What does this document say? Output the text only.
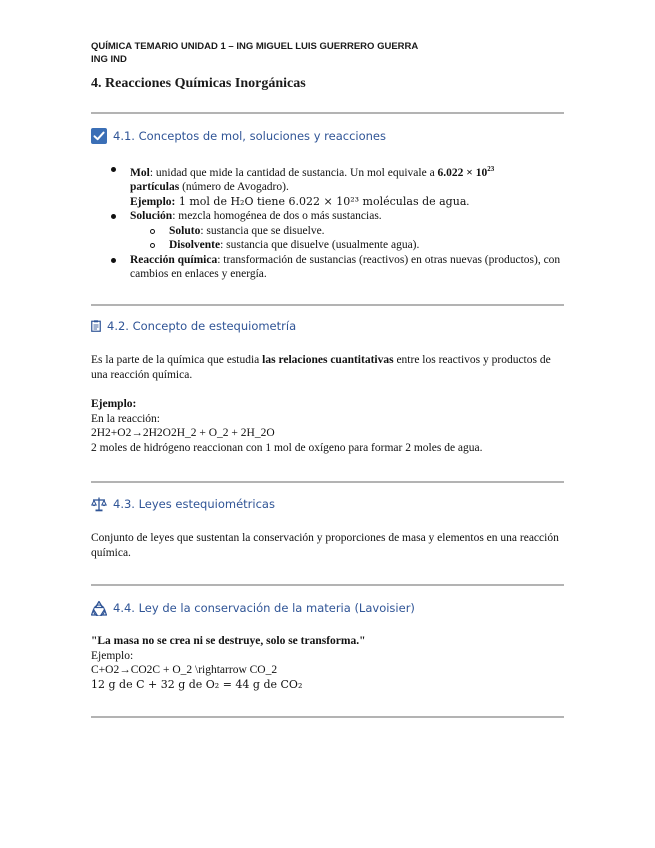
QUÍMICA TEMARIO UNIDAD 1 – ING MIGUEL LUIS GUERRERO GUERRA
ING IND
4. Reacciones Químicas Inorgánicas
4.1. Conceptos de mol, soluciones y reacciones
Mol: unidad que mide la cantidad de sustancia. Un mol equivale a $6.022 \times 10^{23}$
partículas (número de Avogadro).
Ejemplo: 1 mol de H₂O tiene 6.022 × 10²³ moléculas de agua.
Solución: mezcla homogénea de dos o más sustancias.
Soluto: sustancia que se disuelve.
Disolvente: sustancia que disuelve (usualmente agua).
Reacción química: transformación de sustancias (reactivos) en otras nuevas (productos), con cambios en enlaces y energía.
4.2. Concepto de estequiometría

Es la parte de la química que estudia las relaciones cuantitativas entre los reactivos y productos de una reacción química.

Ejemplo:

En la reacción:

2H2+O2→2H2O2H_2 + O_2 + 2H_2O

2 moles de hidrógeno reaccionan con 1 mol de oxígeno para formar 2 moles de agua.

4.3. Leyes estequiométricas

Conjunto de leyes que sustentan la conservación y proporciones de masa y elementos en una reacción química.

4.4. Ley de la conservación de la materia (Lavoisier)

"La masa no se crea ni se destruye, solo se transforma."

Ejemplo:

C+O2→CO2C + O_2 \rightarrow CO_2

12 g de C + 32 g de O₂ = 44 g de CO₂
